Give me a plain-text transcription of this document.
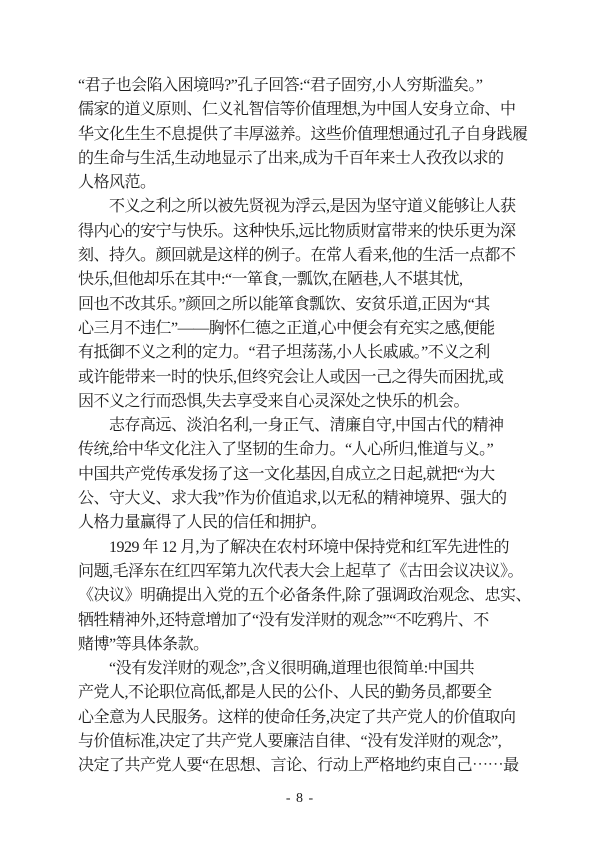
“君子也会陷入困境吗?”孔子回答:“君子固穷,小人穷斯滥矣。”
儒家的道义原则、仁义礼智信等价值理想,为中国人安身立命、中
华文化生生不息提供了丰厚滋养。这些价值理想通过孔子自身践履
的生命与生活,生动地显示了出来,成为千百年来士人孜孜以求的
人格风范。
不义之利之所以被先贤视为浮云,是因为坚守道义能够让人获
得内心的安宁与快乐。这种快乐,远比物质财富带来的快乐更为深
刻、持久。颜回就是这样的例子。在常人看来,他的生活一点都不
快乐,但他却乐在其中:“一箪食,一瓢饮,在陋巷,人不堪其忧,
回也不改其乐。”颜回之所以能箪食瓢饮、安贫乐道,正因为“其
心三月不违仁”——胸怀仁德之正道,心中便会有充实之感,便能
有抵御不义之利的定力。“君子坦荡荡,小人长戚戚。”不义之利
或许能带来一时的快乐,但终究会让人或因一己之得失而困扰,或
因不义之行而恐惧,失去享受来自心灵深处之快乐的机会。
志存高远、淡泊名利,一身正气、清廉自守,中国古代的精神
传统,给中华文化注入了坚韧的生命力。“人心所归,惟道与义。”
中国共产党传承发扬了这一文化基因,自成立之日起,就把“为大
公、守大义、求大我”作为价值追求,以无私的精神境界、强大的
人格力量赢得了人民的信任和拥护。
1929 年 12 月,为了解决在农村环境中保持党和红军先进性的
问题,毛泽东在红四军第九次代表大会上起草了《古田会议决议》。
《决议》明确提出入党的五个必备条件,除了强调政治观念、忠实、
牺牲精神外,还特意增加了“没有发洋财的观念”“不吃鸦片、不
赌博”等具体条款。
“没有发洋财的观念”,含义很明确,道理也很简单:中国共
产党人,不论职位高低,都是人民的公仆、人民的勤务员,都要全
心全意为人民服务。这样的使命任务,决定了共产党人的价值取向
与价值标准,决定了共产党人要廉洁自律、“没有发洋财的观念”,
决定了共产党人要“在思想、言论、行动上严格地约束自己⋯⋯最
- 8 -
